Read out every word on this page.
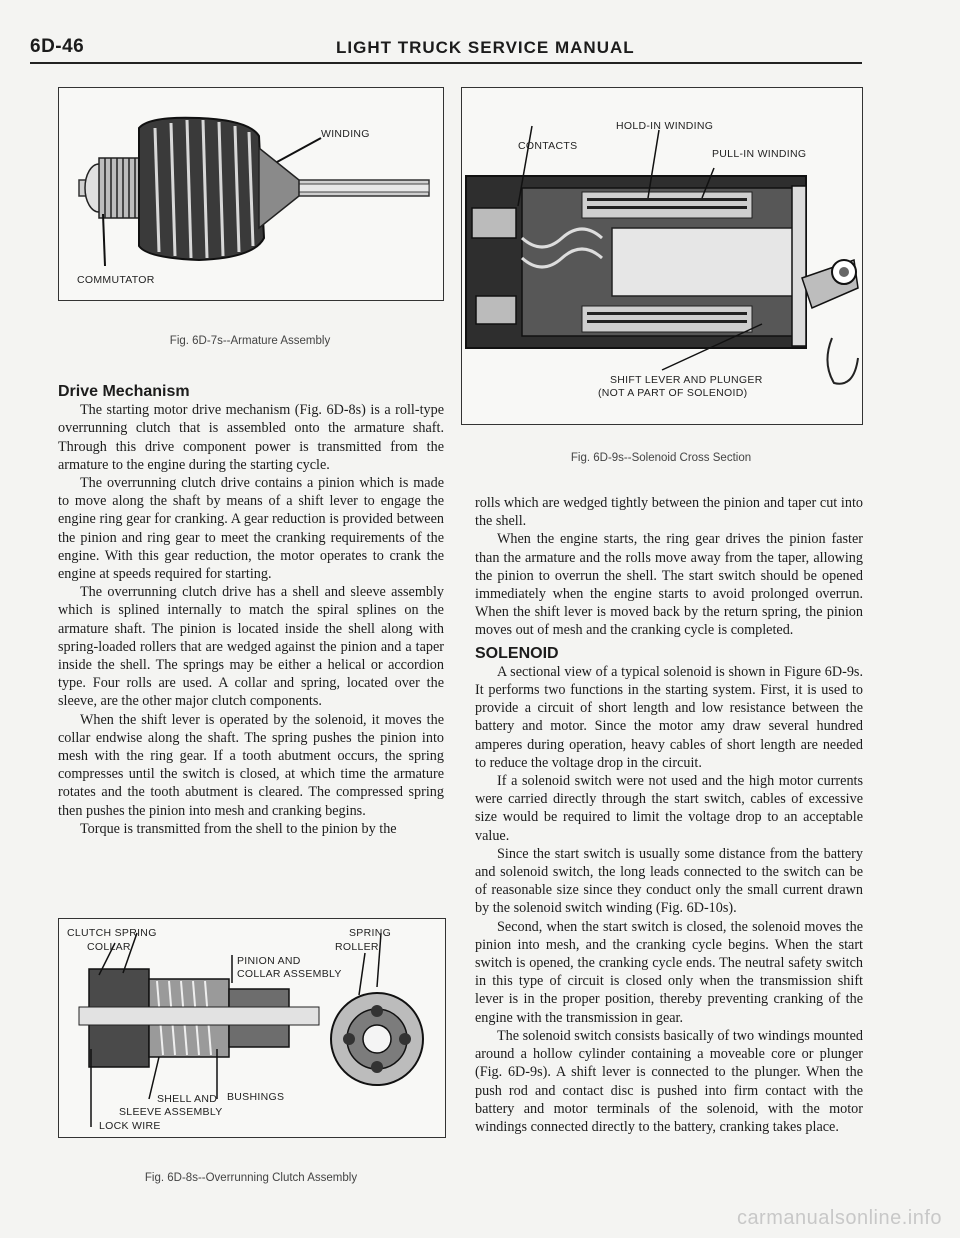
6D-46	LIGHT TRUCK SERVICE MANUAL
WINDING
COMMUTATOR
Fig. 6D-7s--Armature Assembly
HOLD-IN WINDING
CONTACTS
PULL-IN WINDING
SHIFT LEVER AND PLUNGER
(NOT A PART OF SOLENOID)
Fig. 6D-9s--Solenoid Cross Section
Drive Mechanism

The starting motor drive mechanism (Fig. 6D-8s) is a roll-type overrunning clutch that is assembled onto the armature shaft. Through this drive component power is transmitted from the armature to the engine during the starting cycle.

The overrunning clutch drive contains a pinion which is made to move along the shaft by means of a shift lever to engage the engine ring gear for cranking. A gear reduction is provided between the pinion and ring gear to meet the cranking requirements of the engine. With this gear reduction, the motor operates to crank the engine at speeds required for starting.

The overrunning clutch drive has a shell and sleeve assembly which is splined internally to match the spiral splines on the armature shaft. The pinion is located inside the shell along with spring-loaded rollers that are wedged against the pinion and a taper inside the shell. The springs may be either a helical or accordion type. Four rolls are used. A collar and spring, located over the sleeve, are the other major clutch components.

When the shift lever is operated by the solenoid, it moves the collar endwise along the shaft. The spring pushes the pinion into mesh with the ring gear. If a tooth abutment occurs, the spring compresses until the switch is closed, at which time the armature rotates and the tooth abutment is cleared. The compressed spring then pushes the pinion into mesh and cranking begins.

Torque is transmitted from the shell to the pinion by the

CLUTCH SPRING
COLLAR
PINION AND
COLLAR ASSEMBLY
SPRING
ROLLER
BUSHINGS
SHELL AND
SLEEVE ASSEMBLY
LOCK WIRE
Fig. 6D-8s--Overrunning Clutch Assembly

rolls which are wedged tightly between the pinion and taper cut into the shell.

When the engine starts, the ring gear drives the pinion faster than the armature and the rolls move away from the taper, allowing the pinion to overrun the shell. The start switch should be opened immediately when the engine starts to avoid prolonged overrun. When the shift lever is moved back by the return spring, the pinion moves out of mesh and the cranking cycle is completed.

SOLENOID

A sectional view of a typical solenoid is shown in Figure 6D-9s. It performs two functions in the starting system. First, it is used to provide a circuit of short length and low resistance between the battery and motor. Since the motor amy draw several hundred amperes during operation, heavy cables of short length are needed to reduce the voltage drop in the circuit.

If a solenoid switch were not used and the high motor currents were carried directly through the start switch, cables of excessive size would be required to limit the voltage drop to an acceptable value.

Since the start switch is usually some distance from the battery and solenoid switch, the long leads connected to the switch can be of reasonable size since they conduct only the small current drawn by the solenoid switch winding (Fig. 6D-10s).

Second, when the start switch is closed, the solenoid moves the pinion into mesh, and the cranking cycle begins. When the start switch is opened, the cranking cycle ends. The neutral safety switch in this type of circuit is closed only when the transmission shift lever is in the proper position, thereby preventing cranking of the engine with the transmission in gear.

The solenoid switch consists basically of two windings mounted around a hollow cylinder containing a moveable core or plunger (Fig. 6D-9s). A shift lever is connected to the plunger. When the push rod and contact disc is pushed into firm contact with the battery and motor terminals of the solenoid, with the motor windings connected directly to the battery, cranking takes place.

carmanualsonline.info
